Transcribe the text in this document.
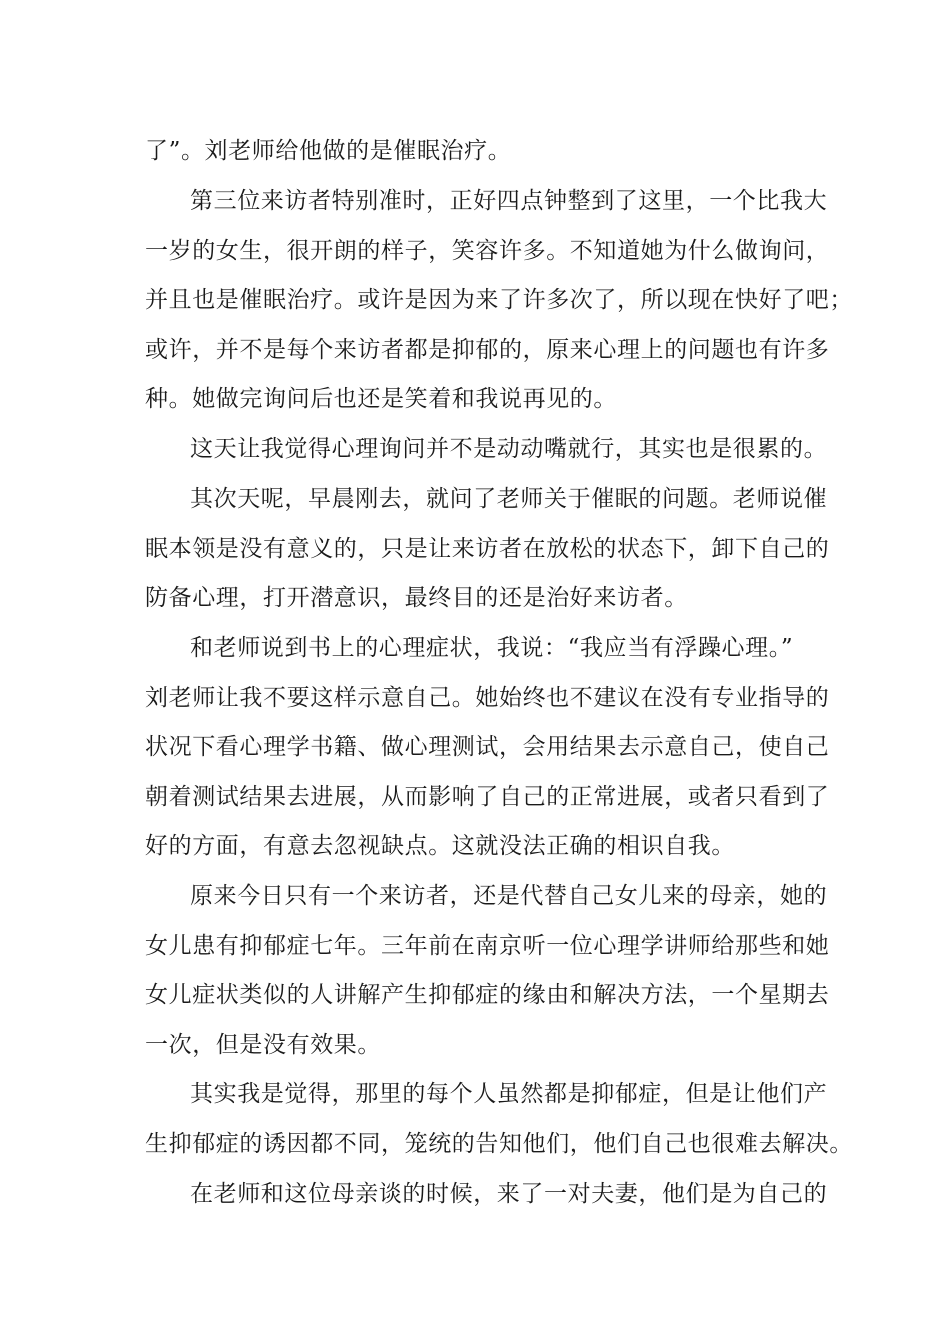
了”。刘老师给他做的是催眠治疗。
第三位来访者特别准时，正好四点钟整到了这里，一个比我大
一岁的女生，很开朗的样子，笑容许多。不知道她为什么做询问，
并且也是催眠治疗。或许是因为来了许多次了，所以现在快好了吧；
或许，并不是每个来访者都是抑郁的，原来心理上的问题也有许多
种。她做完询问后也还是笑着和我说再见的。
这天让我觉得心理询问并不是动动嘴就行，其实也是很累的。
其次天呢，早晨刚去，就问了老师关于催眠的问题。老师说催
眠本领是没有意义的，只是让来访者在放松的状态下，卸下自己的
防备心理，打开潜意识，最终目的还是治好来访者。
和老师说到书上的心理症状，我说：“我应当有浮躁心理。”
刘老师让我不要这样示意自己。她始终也不建议在没有专业指导的
状况下看心理学书籍、做心理测试，会用结果去示意自己，使自己
朝着测试结果去进展，从而影响了自己的正常进展，或者只看到了
好的方面，有意去忽视缺点。这就没法正确的相识自我。
原来今日只有一个来访者，还是代替自己女儿来的母亲，她的
女儿患有抑郁症七年。三年前在南京听一位心理学讲师给那些和她
女儿症状类似的人讲解产生抑郁症的缘由和解决方法，一个星期去
一次，但是没有效果。
其实我是觉得，那里的每个人虽然都是抑郁症，但是让他们产
生抑郁症的诱因都不同，笼统的告知他们，他们自己也很难去解决。
在老师和这位母亲谈的时候，来了一对夫妻，他们是为自己的
